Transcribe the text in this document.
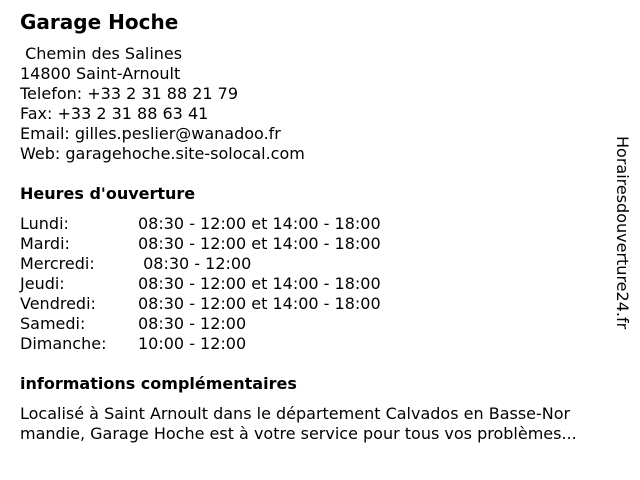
Garage Hoche
Chemin des Salines
14800 Saint-Arnoult
Telefon: +33 2 31 88 21 79
Fax: +33 2 31 88 63 41
Email: gilles.peslier@wanadoo.fr
Web: garagehoche.site-solocal.com
Heures d'ouverture
Lundi:	08:30 - 12:00 et 14:00 - 18:00
Mardi:	08:30 - 12:00 et 14:00 - 18:00
Mercredi:	08:30 - 12:00
Jeudi:	08:30 - 12:00 et 14:00 - 18:00
Vendredi:	08:30 - 12:00 et 14:00 - 18:00
Samedi:	08:30 - 12:00
Dimanche:	10:00 - 12:00
informations complémentaires
Localisé à Saint Arnoult dans le département Calvados en Basse-Nor
mandie, Garage Hoche est à votre service pour tous vos problèmes...
Horairesdouverture24.fr
